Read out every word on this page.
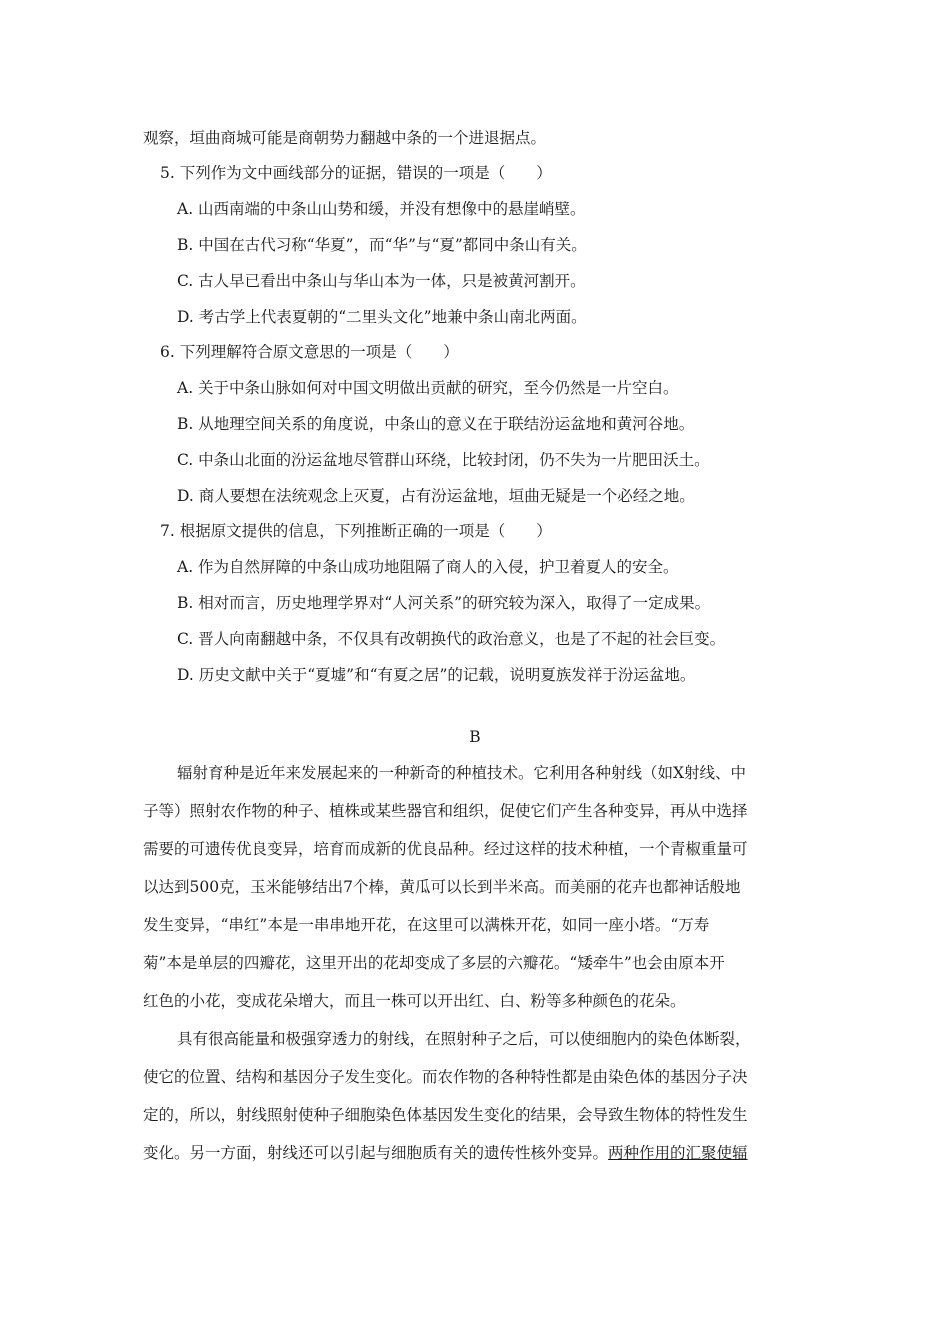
观察，垣曲商城可能是商朝势力翻越中条的一个进退据点。
5. 下列作为文中画线部分的证据，错误的一项是（　　）
A. 山西南端的中条山山势和缓，并没有想像中的悬崖峭壁。
B. 中国在古代习称“华夏”，而“华”与“夏”都同中条山有关。
C. 古人早已看出中条山与华山本为一体，只是被黄河割开。
D. 考古学上代表夏朝的“二里头文化”地兼中条山南北两面。
6. 下列理解符合原文意思的一项是（　　）
A. 关于中条山脉如何对中国文明做出贡献的研究，至今仍然是一片空白。
B. 从地理空间关系的角度说，中条山的意义在于联结汾运盆地和黄河谷地。
C. 中条山北面的汾运盆地尽管群山环绕，比较封闭，仍不失为一片肥田沃土。
D. 商人要想在法统观念上灭夏，占有汾运盆地，垣曲无疑是一个必经之地。
7. 根据原文提供的信息，下列推断正确的一项是（　　）
A. 作为自然屏障的中条山成功地阻隔了商人的入侵，护卫着夏人的安全。
B. 相对而言，历史地理学界对“人河关系”的研究较为深入，取得了一定成果。
C. 晋人向南翻越中条，不仅具有改朝换代的政治意义，也是了不起的社会巨变。
D. 历史文献中关于“夏墟”和“有夏之居”的记载，说明夏族发祥于汾运盆地。
B
辐射育种是近年来发展起来的一种新奇的种植技术。它利用各种射线（如X射线、中
子等）照射农作物的种子、植株或某些器官和组织，促使它们产生各种变异，再从中选择
需要的可遗传优良变异，培育而成新的优良品种。经过这样的技术种植，一个青椒重量可
以达到500克，玉米能够结出7个棒，黄瓜可以长到半米高。而美丽的花卉也都神话般地
发生变异，“串红”本是一串串地开花，在这里可以满株开花，如同一座小塔。“万寿
菊”本是单层的四瓣花，这里开出的花却变成了多层的六瓣花。“矮牵牛”也会由原本开
红色的小花，变成花朵增大，而且一株可以开出红、白、粉等多种颜色的花朵。
具有很高能量和极强穿透力的射线，在照射种子之后，可以使细胞内的染色体断裂，
使它的位置、结构和基因分子发生变化。而农作物的各种特性都是由染色体的基因分子决
定的，所以，射线照射使种子细胞染色体基因发生变化的结果，会导致生物体的特性发生
变化。另一方面，射线还可以引起与细胞质有关的遗传性核外变异。两种作用的汇聚使辐
